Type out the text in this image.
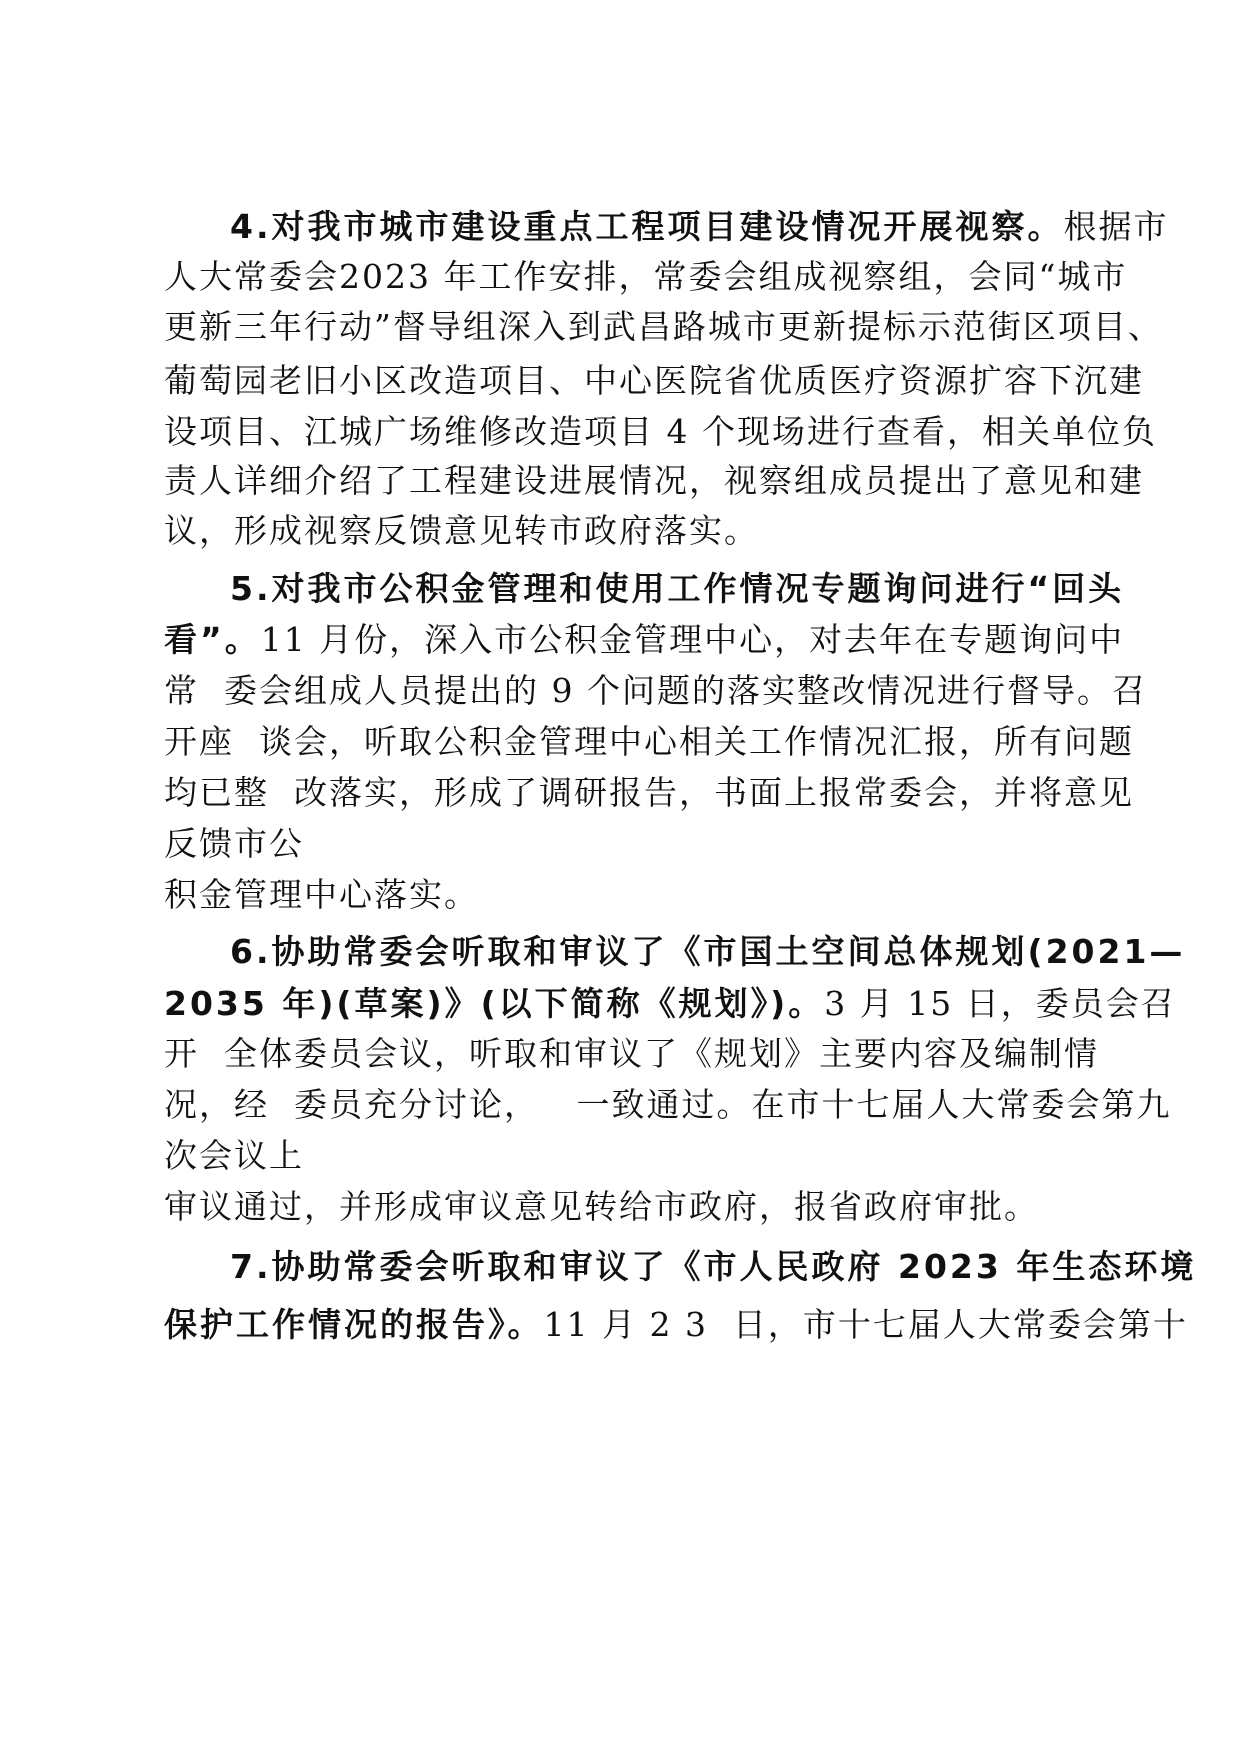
4.对我市城市建设重点工程项目建设情况开展视察。根据市
人大常委会2023 年工作安排，常委会组成视察组，会同“城市
更新三年行动”督导组深入到武昌路城市更新提标示范街区项目、
葡萄园老旧小区改造项目、中心医院省优质医疗资源扩容下沉建
设项目、江城广场维修改造项目 4 个现场进行查看，相关单位负
责人详细介绍了工程建设进展情况，视察组成员提出了意见和建
议，形成视察反馈意见转市政府落实。
5.对我市公积金管理和使用工作情况专题询问进行“回头
看”。11 月份，深入市公积金管理中心，对去年在专题询问中
常  委会组成人员提出的 9 个问题的落实整改情况进行督导。召
开座  谈会，听取公积金管理中心相关工作情况汇报，所有问题
均已整  改落实，形成了调研报告，书面上报常委会，并将意见
反馈市公
积金管理中心落实。
6.协助常委会听取和审议了《市国土空间总体规划(2021—
2035 年)(草案)》(以下简称《规划》)。3 月 15 日，委员会召
开  全体委员会议，听取和审议了《规划》主要内容及编制情
况，经  委员充分讨论，   一致通过。在市十七届人大常委会第九
次会议上
审议通过，并形成审议意见转给市政府，报省政府审批。
7.协助常委会听取和审议了《市人民政府 2023 年生态环境
保护工作情况的报告》。11 月 2 3  日，市十七届人大常委会第十
